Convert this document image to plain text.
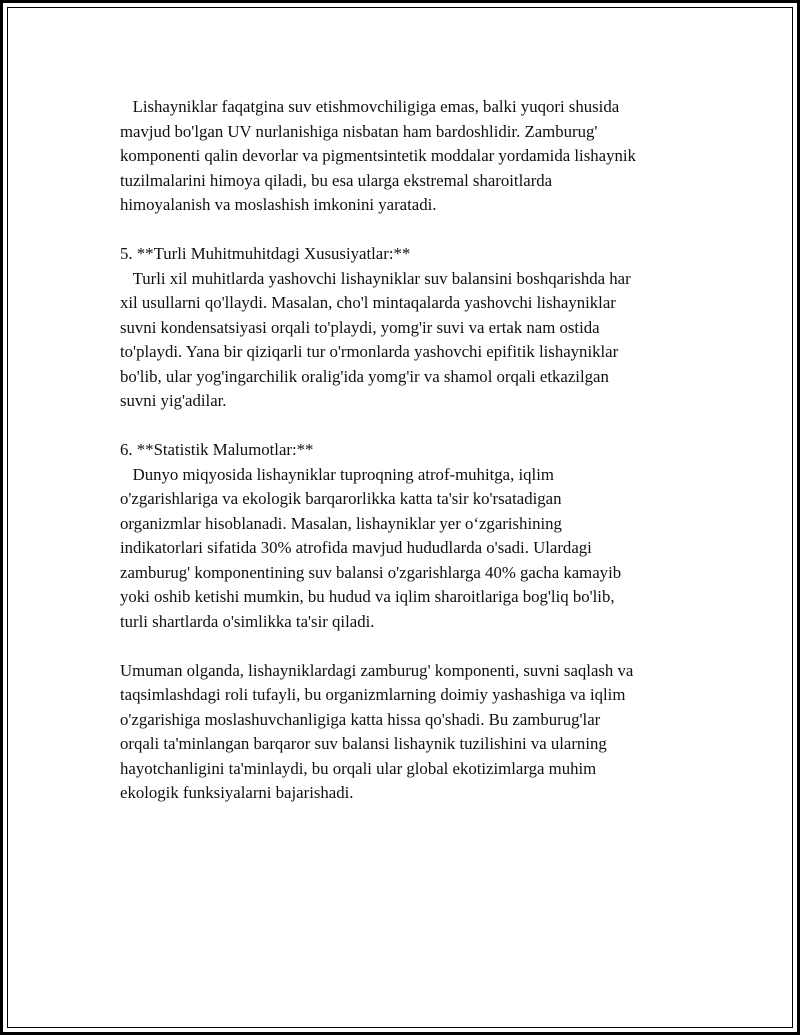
Lishayniklar faqatgina suv etishmovchiligiga emas, balki yuqori shusida
mavjud bo'lgan UV nurlanishiga nisbatan ham bardoshlidir. Zamburug'
komponenti qalin devorlar va pigmentsintetik moddalar yordamida lishaynik
tuzilmalarini himoya qiladi, bu esa ularga ekstremal sharoitlarda
himoyalanish va moslashish imkonini yaratadi.

5. **Turli Muhitmuhitdagi Xususiyatlar:**

Turli xil muhitlarda yashovchi lishayniklar suv balansini boshqarishda har
xil usullarni qo'llaydi. Masalan, cho'l mintaqalarda yashovchi lishayniklar
suvni kondensatsiyasi orqali to'playdi, yomg'ir suvi va ertak nam ostida
to'playdi. Yana bir qiziqarli tur o'rmonlarda yashovchi epifitik lishayniklar
bo'lib, ular yog'ingarchilik oralig'ida yomg'ir va shamol orqali etkazilgan
suvni yig'adilar.

6. **Statistik Malumotlar:**

Dunyo miqyosida lishayniklar tuproqning atrof-muhitga, iqlim
o'zgarishlariga va ekologik barqarorlikka katta ta'sir ko'rsatadigan
organizmlar hisoblanadi. Masalan, lishayniklar yer o‘zgarishining
indikatorlari sifatida 30% atrofida mavjud hududlarda o'sadi. Ulardagi
zamburug' komponentining suv balansi o'zgarishlarga 40% gacha kamayib
yoki oshib ketishi mumkin, bu hudud va iqlim sharoitlariga bog'liq bo'lib,
turli shartlarda o'simlikka ta'sir qiladi.

Umuman olganda, lishayniklardagi zamburug' komponenti, suvni saqlash va
taqsimlashdagi roli tufayli, bu organizmlarning doimiy yashashiga va iqlim
o'zgarishiga moslashuvchanligiga katta hissa qo'shadi. Bu zamburug'lar
orqali ta'minlangan barqaror suv balansi lishaynik tuzilishini va ularning
hayotchanligini ta'minlaydi, bu orqali ular global ekotizimlarga muhim
ekologik funksiyalarni bajarishadi.
